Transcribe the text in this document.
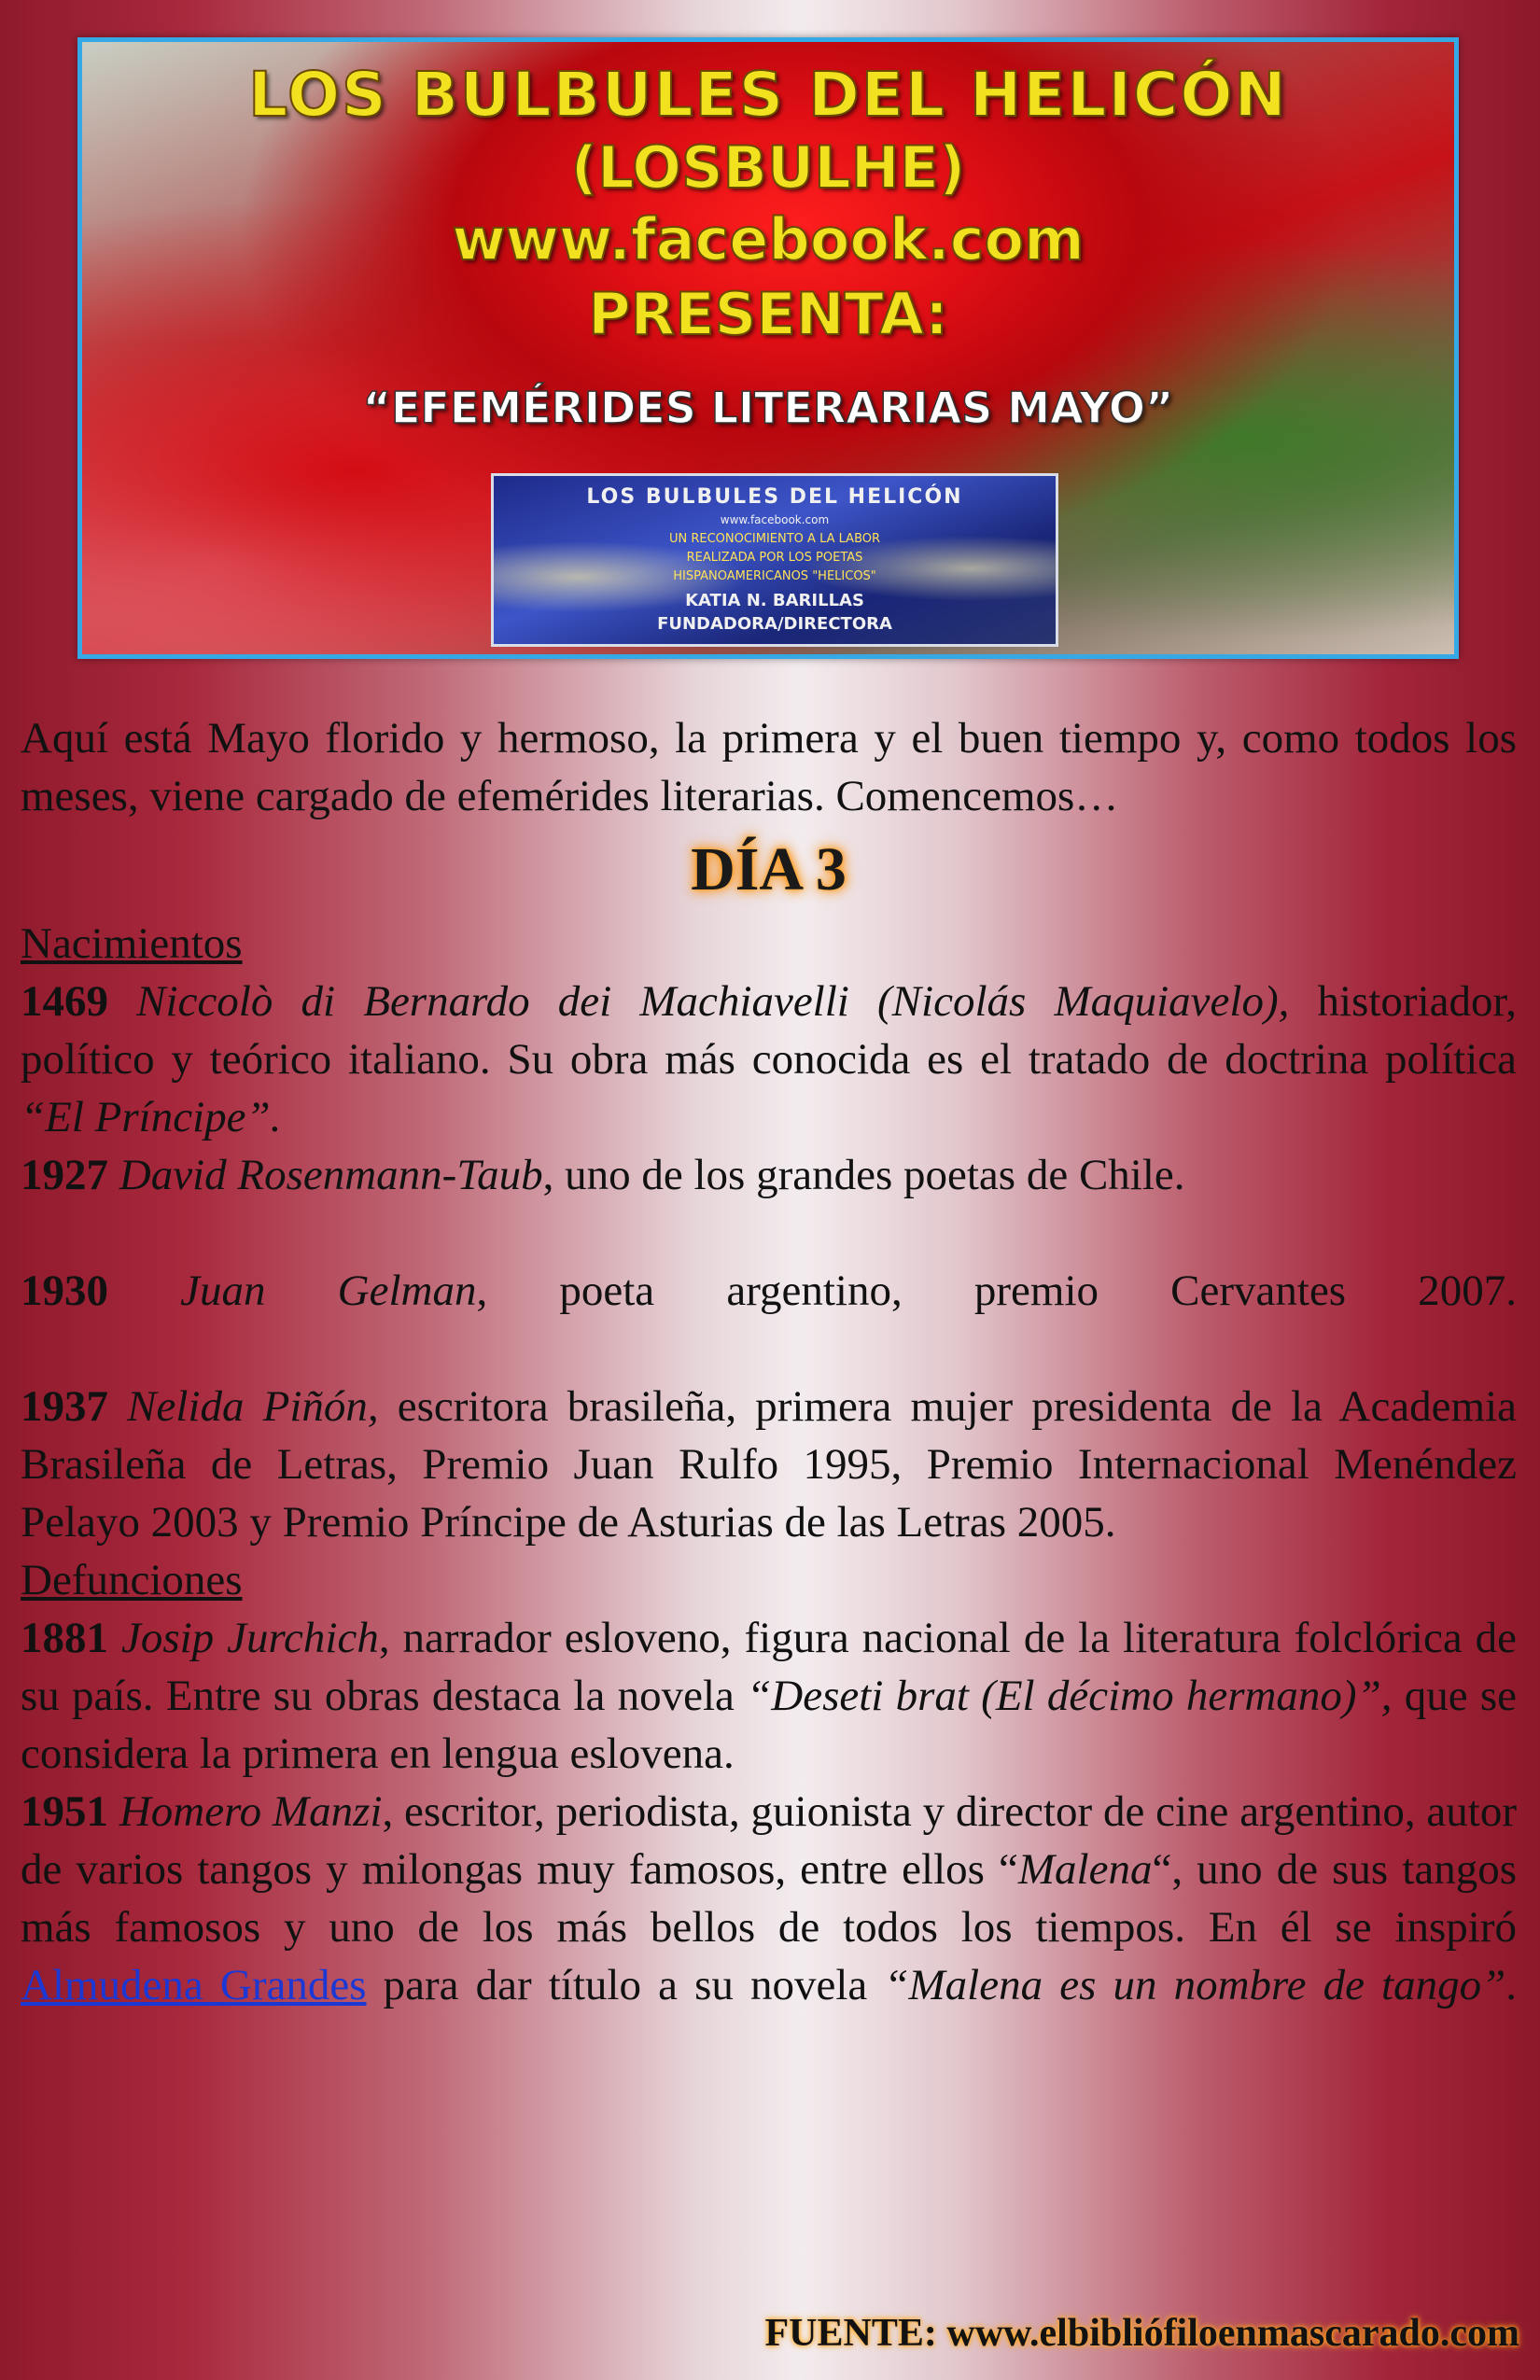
LOS BULBULES DEL HELICÓN
(LOSBULHE)
www.facebook.com
PRESENTA:
“EFEMÉRIDES LITERARIAS MAYO”
LOS BULBULES DEL HELICÓN
www.facebook.com
UN RECONOCIMIENTO A LA LABOR
REALIZADA POR LOS POETAS
HISPANOAMERICANOS "HELICOS"
KATIA N. BARILLAS
FUNDADORA/DIRECTORA

Aquí está Mayo florido y hermoso, la primera y el buen tiempo y, como todos los meses, viene cargado de efemérides literarias. Comencemos…

DÍA 3

Nacimientos

1469 Niccolò di Bernardo dei Machiavelli (Nicolás Maquiavelo), historiador, político y teórico italiano. Su obra más conocida es el tratado de doctrina política “El Príncipe”.

1927 David Rosenmann-Taub, uno de los grandes poetas de Chile.

1930 Juan Gelman, poeta argentino, premio Cervantes 2007.

1937 Nelida Piñón, escritora brasileña, primera mujer presidenta de la Academia Brasileña de Letras, Premio Juan Rulfo 1995, Premio Internacional Menéndez Pelayo 2003 y Premio Príncipe de Asturias de las Letras 2005.

Defunciones

1881 Josip Jurchich, narrador esloveno, figura nacional de la literatura folclórica de su país. Entre su obras destaca la novela “Deseti brat (El décimo hermano)”, que se considera la primera en lengua eslovena.

1951 Homero Manzi, escritor, periodista, guionista y director de cine argentino, autor de varios tangos y milongas muy famosos, entre ellos “Malena“, uno de sus tangos más famosos y uno de los más bellos de todos los tiempos. En él se inspiró Almudena Grandes para dar título a su novela “Malena es un nombre de tango”.

FUENTE: www.elbibliófiloenmascarado.com
